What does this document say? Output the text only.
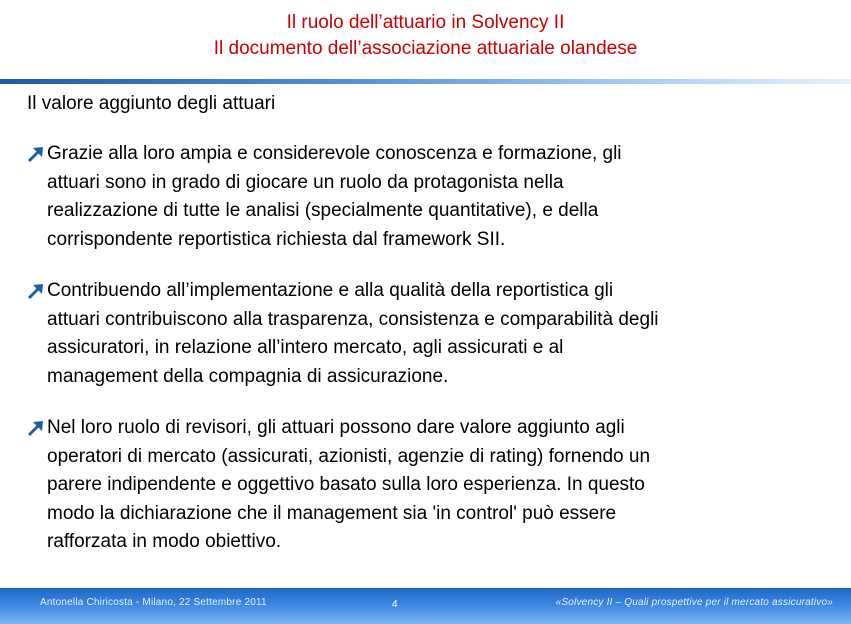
Il ruolo dell’attuario in Solvency II
Il documento dell’associazione attuariale olandese
Il valore aggiunto degli attuari
Grazie alla loro ampia e considerevole conoscenza e formazione, gli
attuari sono in grado di giocare un ruolo da protagonista nella
realizzazione di tutte le analisi (specialmente quantitative), e della
corrispondente reportistica richiesta dal framework SII.
Contribuendo all’implementazione e alla qualità della reportistica gli
attuari contribuiscono alla trasparenza, consistenza e comparabilità degli
assicuratori, in relazione all’intero mercato, agli assicurati e al
management della compagnia di assicurazione.
Nel loro ruolo di revisori, gli attuari possono dare valore aggiunto agli
operatori di mercato (assicurati, azionisti, agenzie di rating) fornendo un
parere indipendente e oggettivo basato sulla loro esperienza. In questo
modo la dichiarazione che il management sia 'in control' può essere
rafforzata in modo obiettivo.
Antonella Chiricosta - Milano, 22 Settembre 2011	4	«Solvency II – Quali prospettive per il mercato assicurativo»
